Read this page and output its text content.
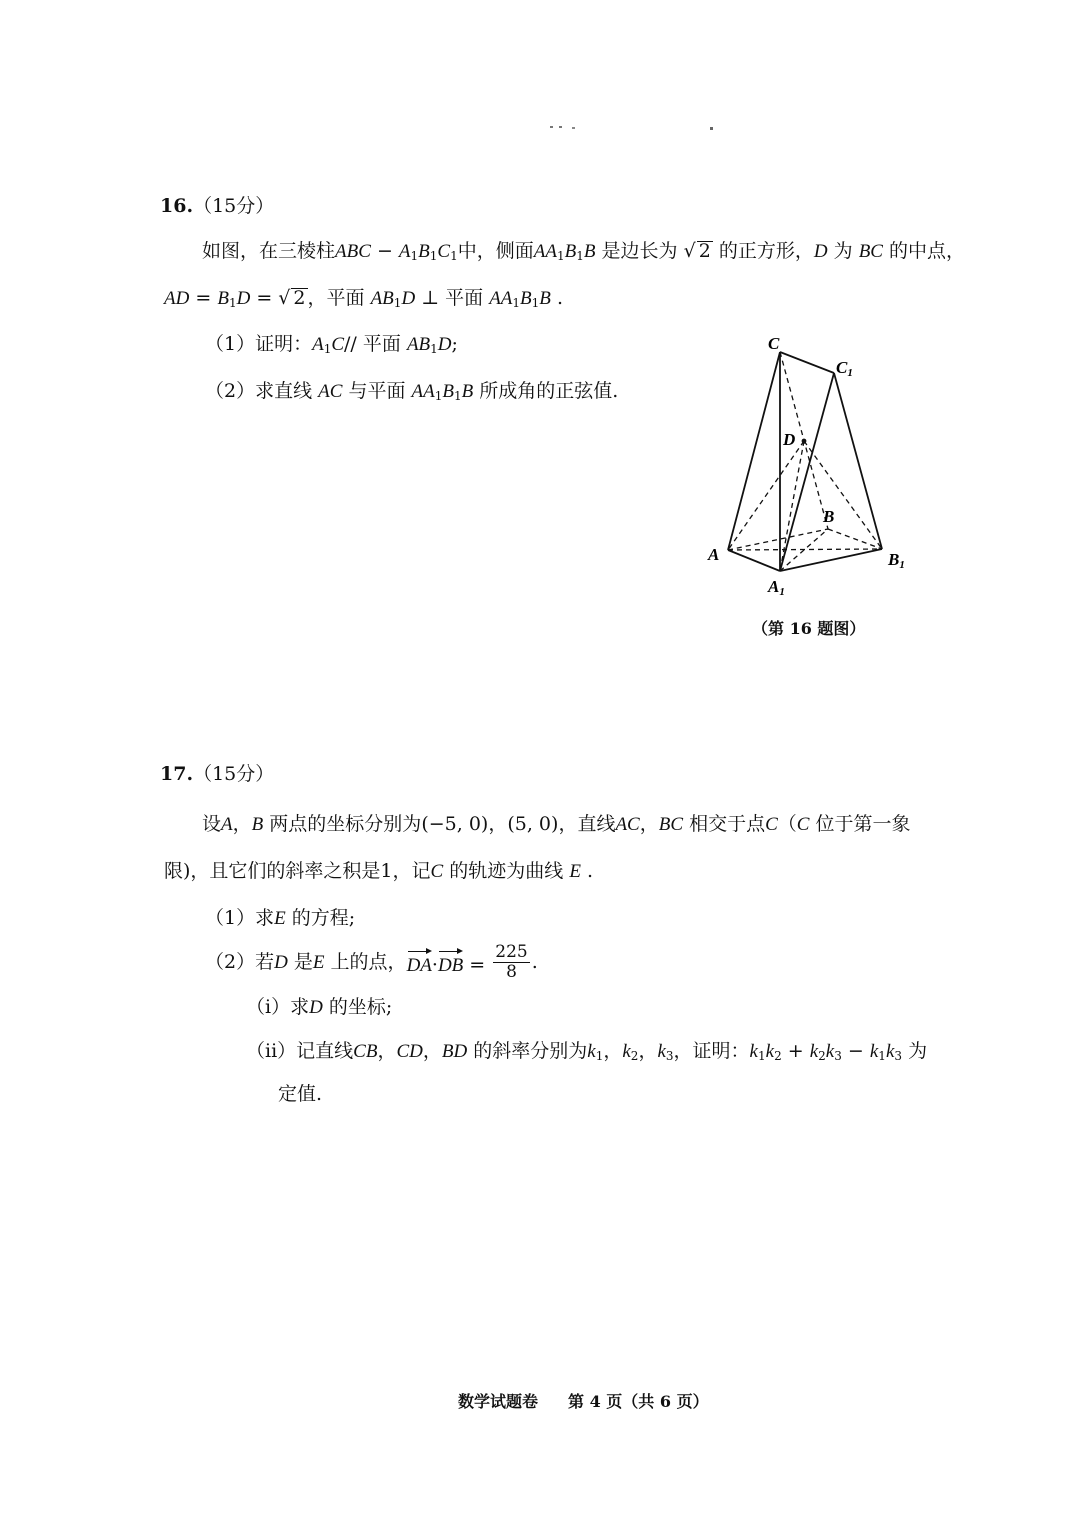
16.（15分）
如图，在三棱柱ABC − $A_1B_1C_1$中，侧面$AA_1B_1B$ 是边长为 √ 2 的正方形，D 为 BC 的中点，
AD = $B_1D$ = √ 2 ，平面 $AB_1D$ ⊥ 平面 $AA_1B_1B$ .
（1）证明：$A_1C//$ 平面 $AB_1D$;
（2）求直线 AC 与平面 $AA_1B_1B$ 所成角的正弦值.
C
C1
D
B
A	B1
A1
（第 16 题图）
17.（15分）
设A，B 两点的坐标分别为(−5, 0)，(5, 0)，直线AC，BC 相交于点C（C 位于第一象
限)，且它们的斜率之积是1，记C 的轨迹为曲线 E .
（1）求E 的方程;
（2）若D 是E 上的点，$DA\cdot DB = \frac{225}{8}$ .
（i）求D 的坐标;
（ii）记直线CB，CD，BD 的斜率分别为$k_1$，$k_2$，$k_3$，证明：$k_1k_2 + k_2k_3 - k_1k_3$ 为
定值.
数学试题卷 第 4 页（共 6 页）
